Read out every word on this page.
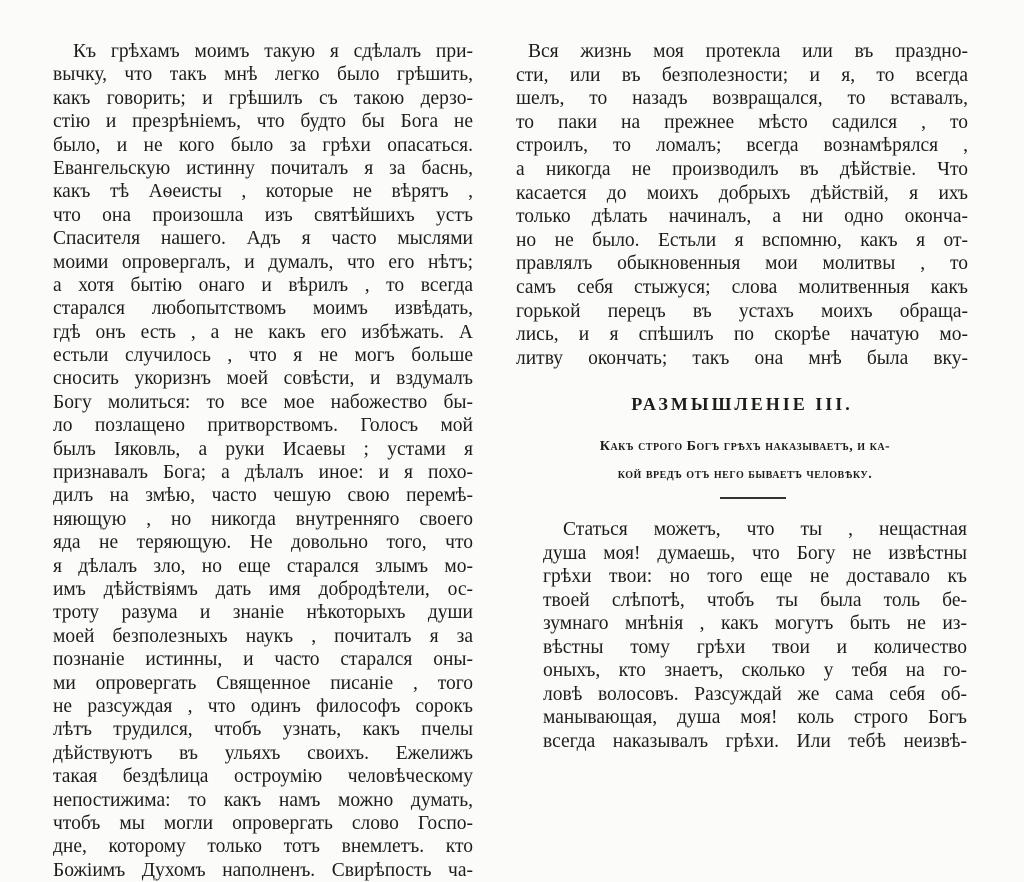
Къ грѣхамъ моимъ такую я сдѣлалъ при-
вычку, что такъ мнѣ легко было грѣшить,
какъ говорить; и грѣшилъ съ такою дерзо-
стію и презрѣніемъ, что будто бы Бога не
было, и не кого было за грѣхи опасаться.
Евангельскую истинну почиталъ я за баснь,
какъ тѣ Аѳеисты , которые не вѣрятъ ,
что она произошла изъ святѣйшихъ устъ
Спасителя нашего. Адъ я часто мыслями
моими опровергалъ, и думалъ, что его нѣтъ;
а хотя бытію онаго и вѣрилъ , то всегда
старался любопытствомъ моимъ извѣдать,
гдѣ онъ есть , а не какъ его избѣжать. А
естьли случилось , что я не могъ больше
сносить укоризнъ моей совѣсти, и вздумалъ
Богу молиться: то все мое набожество бы-
ло позлащено притворствомъ. Голосъ мой
былъ Іяковль, а руки Исаевы ; устами я
признавалъ Бога; а дѣлалъ иное: и я похо-
дилъ на змѣю, часто чешую свою перемѣ-
няющую , но никогда внутренняго своего
яда не теряющую. Не довольно того, что
я дѣлалъ зло, но еще старался злымъ мо-
имъ дѣйствіямъ дать имя добродѣтели, ос-
троту разума и знаніе нѣкоторыхъ души
моей безполезныхъ наукъ , почиталъ я за
познаніе истинны, и часто старался оны-
ми опровергать Священное писаніе , того
не разсуждая , что одинъ философъ сорокъ
лѣтъ трудился, чтобъ узнать, какъ пчелы
дѣйствуютъ въ ульяхъ своихъ. Ежелижъ
такая бездѣлица остроумію человѣческому
непостижима: то какъ намъ можно думать,
чтобъ мы могли опровергать слово Госпо-
дне, которому только тотъ внемлетъ. кто
Божіимъ Духомъ наполненъ. Свирѣпость ча-
Вся жизнь моя протекла или въ праздно-
сти, или въ безполезности; и я, то всегда
шелъ, то назадъ возвращался, то вставалъ,
то паки на прежнее мѣсто садился , то
строилъ, то ломалъ; всегда вознамѣрялся ,
а никогда не производилъ въ дѣйствіе. Что
касается до моихъ добрыхъ дѣйствій, я ихъ
только дѣлать начиналъ, а ни одно оконча-
но не было. Естьли я вспомню, какъ я от-
правлялъ обыкновенныя мои молитвы , то
самъ себя стыжуся; слова молитвенныя какъ
горькой перецъ въ устахъ моихъ обраща-
лись, и я спѣшилъ по скорѣе начатую мо-
литву окончать; такъ она мнѣ была вку-
РАЗМЫШЛЕНІЕ III.
Какъ строго Богъ грѣхъ наказываетъ, и ка-
кой вредъ отъ него бываетъ человѣку.
Статься можетъ, что ты , нещастная
душа моя! думаешь, что Богу не извѣстны
грѣхи твои: но того еще не доставало къ
твоей слѣпотѣ, чтобъ ты была толь бе-
зумнаго мнѣнія , какъ могутъ быть не из-
вѣстны тому грѣхи твои и количество
оныхъ, кто знаетъ, сколько у тебя на го-
ловѣ волосовъ. Разсуждай же сама себя об-
манывающая, душа моя! коль строго Богъ
всегда наказывалъ грѣхи. Или тебѣ неизвѣ-
